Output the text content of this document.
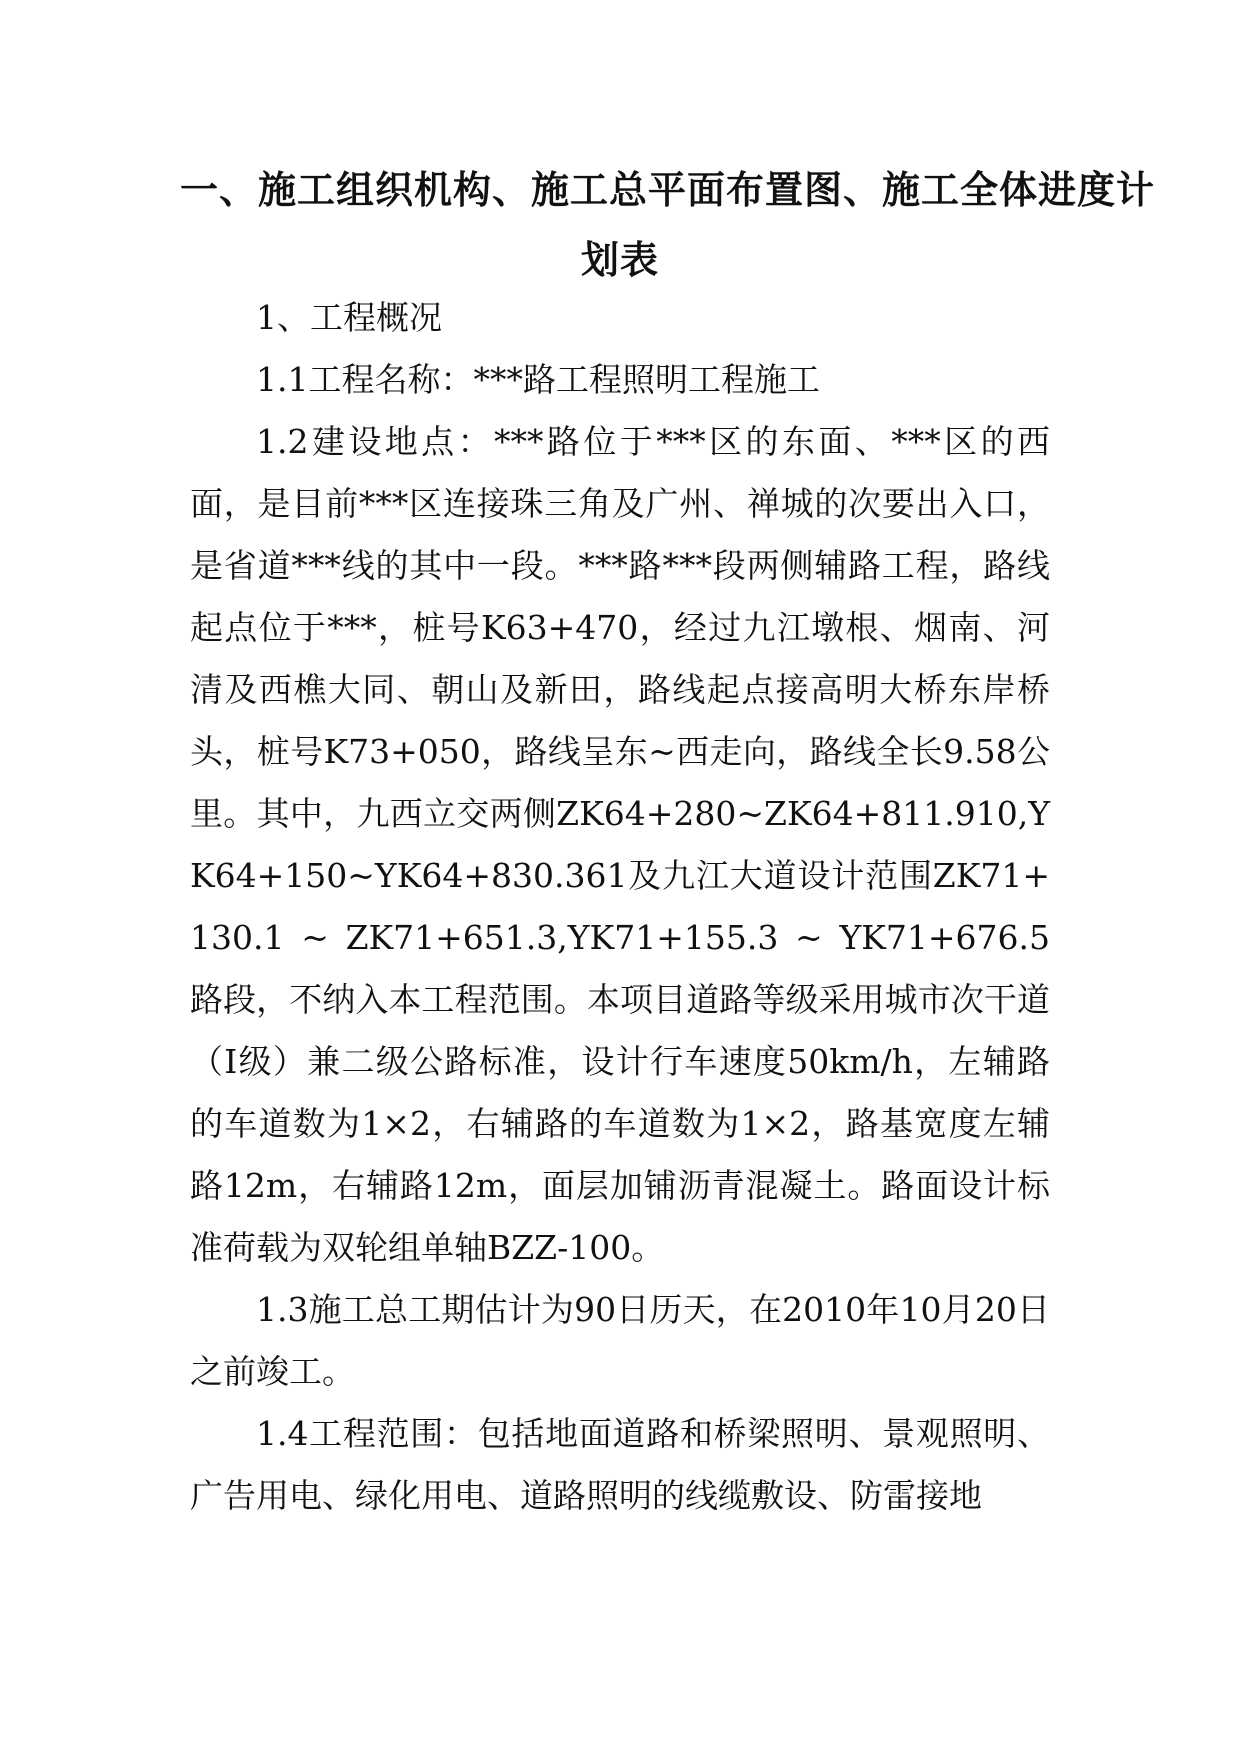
一、施工组织机构、施工总平面布置图、施工全体进度计
划表

1、工程概况

1.1工程名称：***路工程照明工程施工

1.2建设地点：***路位于***区的东面、***区的西面，是目前***区连接珠三角及广州、禅城的次要出入口，是省道***线的其中一段。***路***段两侧辅路工程，路线起点位于***，桩号K63+470，经过九江墩根、烟南、河清及西樵大同、朝山及新田，路线起点接高明大桥东岸桥头，桩号K73+050，路线呈东~西走向，路线全长9.58公里。其中，九西立交两侧ZK64+280~ZK64+811.910,YK64+150~YK64+830.361及九江大道设计范围ZK71+130.1 ~ ZK71+651.3,YK71+155.3 ~ YK71+676.5路段，不纳入本工程范围。本项目道路等级采用城市次干道（Ⅰ级）兼二级公路标准，设计行车速度50km/h，左辅路的车道数为1×2，右辅路的车道数为1×2，路基宽度左辅路12m，右辅路12m，面层加铺沥青混凝土。路面设计标准荷载为双轮组单轴BZZ-100。

1.3施工总工期估计为90日历天，在2010年10月20日之前竣工。

1.4工程范围：包括地面道路和桥梁照明、景观照明、广告用电、绿化用电、道路照明的线缆敷设、防雷接地
